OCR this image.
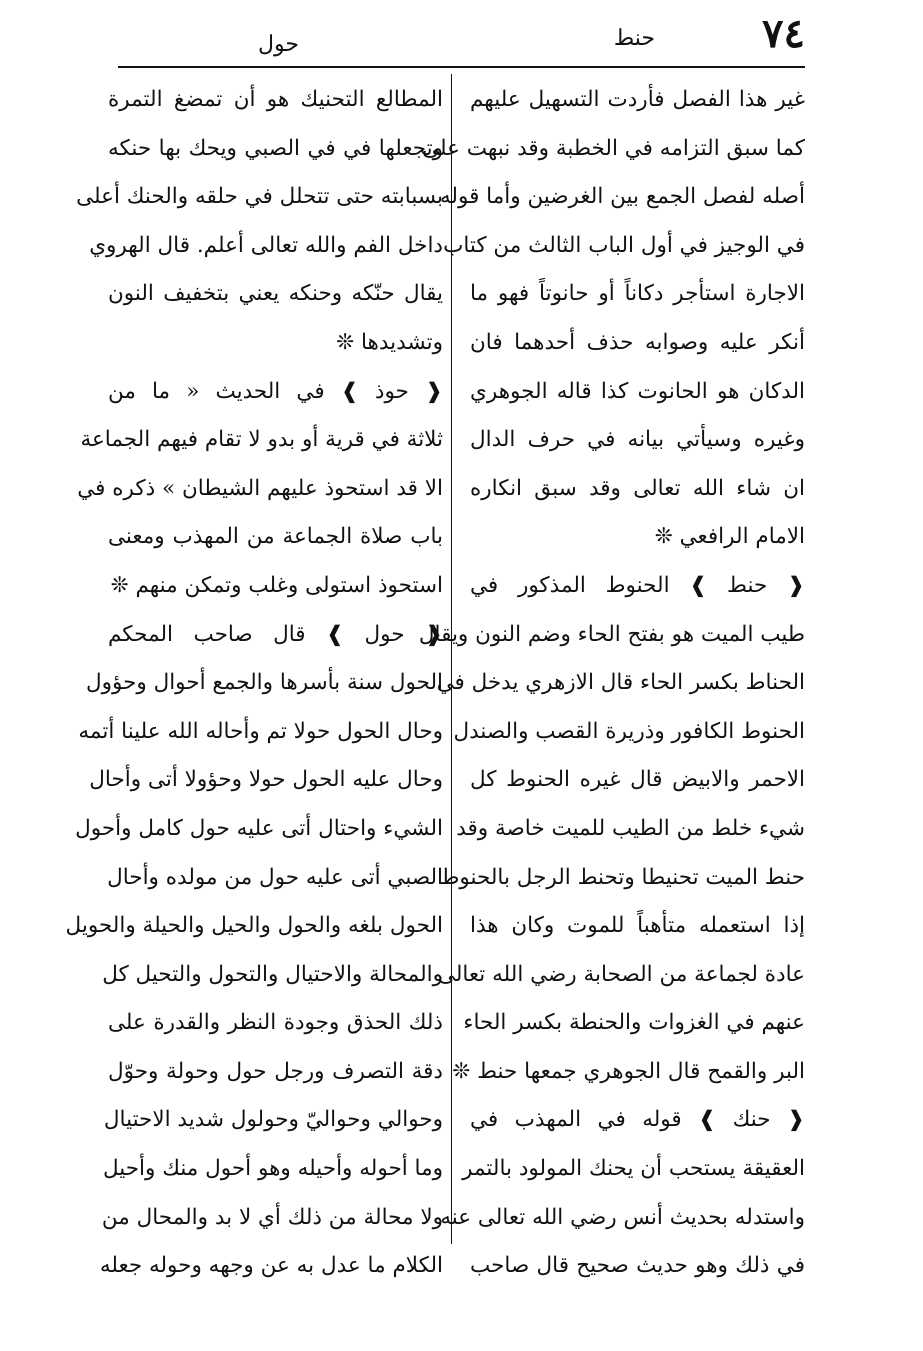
٧٤
حنط
حول
غير هذا الفصل فأردت التسهيل عليهم
كما سبق التزامه في الخطبة وقد نبهت على
أصله لفصل الجمع بين الغرضين وأما قوله
في الوجيز في أول الباب الثالث من كتاب
الاجارة استأجر دكاناً أو حانوتاً فهو ما
أنكر عليه وصوابه حذف أحدهما فان
الدكان هو الحانوت كذا قاله الجوهري
وغيره وسيأتي بيانه في حرف الدال
ان شاء الله تعالى وقد سبق انكاره
الامام الرافعي ❊
❰ حنط ❱ الحنوط المذكور في
طيب الميت هو بفتح الحاء وضم النون ويقال
الحناط بكسر الحاء قال الازهري يدخل في
الحنوط الكافور وذريرة القصب والصندل
الاحمر والابيض قال غيره الحنوط كل
شيء خلط من الطيب للميت خاصة وقد
حنط الميت تحنيطا وتحنط الرجل بالحنوط
إذا استعمله متأهباً للموت وكان هذا
عادة لجماعة من الصحابة رضي الله تعالى
عنهم في الغزوات والحنطة بكسر الحاء
البر والقمح قال الجوهري جمعها حنط ❊
❰ حنك ❱ قوله في المهذب في
العقيقة يستحب أن يحنك المولود بالتمر
واستدله بحديث أنس رضي الله تعالى عنه
في ذلك وهو حديث صحيح قال صاحب
المطالع التحنيك هو أن تمضغ التمرة
وتجعلها في في الصبي ويحك بها حنكه
بسبابته حتى تتحلل في حلقه والحنك أعلى
داخل الفم والله تعالى أعلم. قال الهروي
يقال حنّكه وحنكه يعني بتخفيف النون
وتشديدها ❊
❰ حوذ ❱ في الحديث « ما من
ثلاثة في قرية أو بدو لا تقام فيهم الجماعة
الا قد استحوذ عليهم الشيطان » ذكره في
باب صلاة الجماعة من المهذب ومعنى
استحوذ استولى وغلب وتمكن منهم ❊
❰ حول ❱ قال صاحب المحكم
الحول سنة بأسرها والجمع أحوال وحؤول
وحال الحول حولا تم وأحاله الله علينا أتمه
وحال عليه الحول حولا وحؤولا أتى وأحال
الشيء واحتال أتى عليه حول كامل وأحول
الصبي أتى عليه حول من مولده وأحال
الحول بلغه والحول والحيل والحيلة والحويل
والمحالة والاحتيال والتحول والتحيل كل
ذلك الحذق وجودة النظر والقدرة على
دقة التصرف ورجل حول وحولة وحوّل
وحوالي وحواليّ وحولول شديد الاحتيال
وما أحوله وأحيله وهو أحول منك وأحيل
ولا محالة من ذلك أي لا بد والمحال من
الكلام ما عدل به عن وجهه وحوله جعله
